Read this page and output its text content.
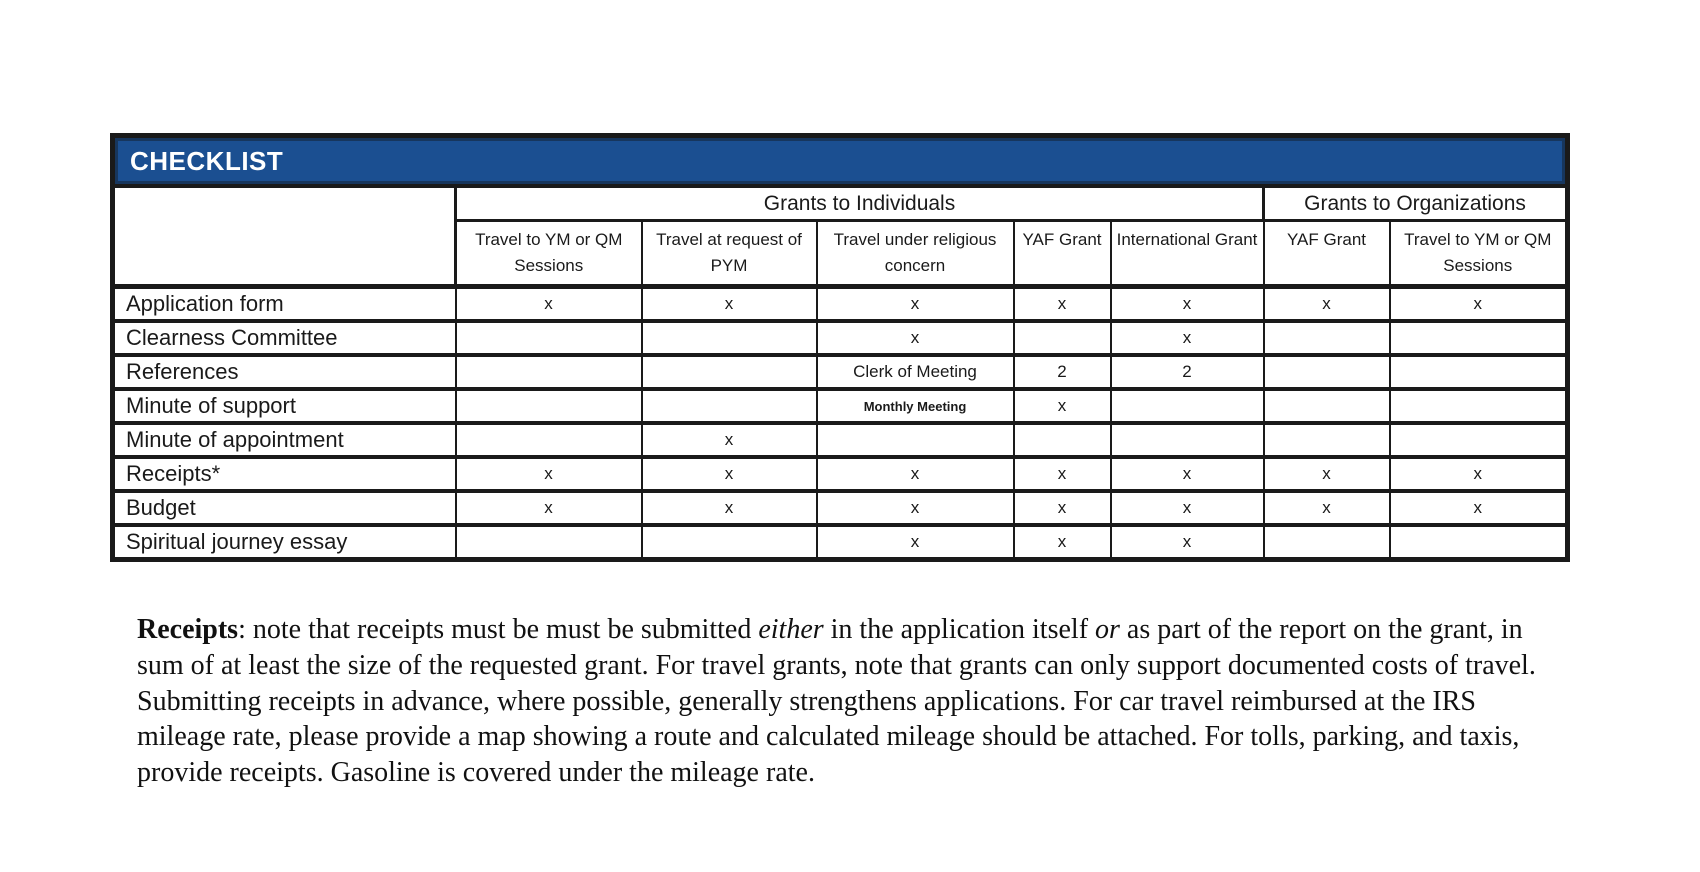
CHECKLIST							

	Grants to Individuals					Grants to Organizations	
	Travel to YM or QM Sessions	Travel at request of PYM	Travel under religious concern	YAF Grant	International Grant	YAF Grant	Travel to YM or QM Sessions
Application form	x	x	x	x	x	x	x
Clearness Committee			x		x		
References			Clerk of Meeting	2	2		
Minute of support			Monthly Meeting	x			
Minute of appointment		x					
Receipts*	x	x	x	x	x	x	x
Budget	x	x	x	x	x	x	x
Spiritual journey essay			x	x	x		

Receipts: note that receipts must be must be submitted either in the application itself or as part of the report on the grant, in sum of at least the size of the requested grant. For travel grants, note that grants can only support documented costs of travel. Submitting receipts in advance, where possible, generally strengthens applications. For car travel reimbursed at the IRS mileage rate, please provide a map showing a route and calculated mileage should be attached. For tolls, parking, and taxis, provide receipts. Gasoline is covered under the mileage rate.
